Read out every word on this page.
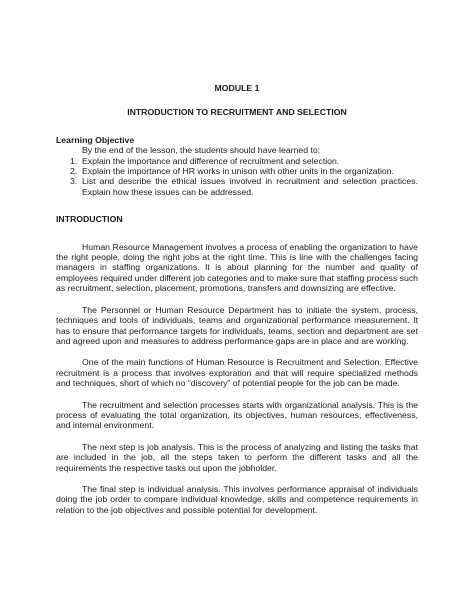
MODULE 1
INTRODUCTION TO RECRUITMENT AND SELECTION
Learning Objective
By the end of the lesson, the students should have learned to:
1. Explain the importance and difference of recruitment and selection.
2. Explain the importance of HR works in unison with other units in the organization.
3. List and describe the ethical issues involved in recruitment and selection practices. Explain how these issues can be addressed.
INTRODUCTION

Human Resource Management involves a process of enabling the organization to have the right people, doing the right jobs at the right time. This is line with the challenges facing managers in staffing organizations. It is about planning for the number and quality of employees required under different job categories and to make sure that staffing process such as recruitment, selection, placement, promotions, transfers and downsizing are effective.

The Personnel or Human Resource Department has to initiate the system, process, techniques and tools of individuals, teams and organizational performance measurement. It has to ensure that performance targets for individuals, teams, section and department are set and agreed upon and measures to address performance gaps are in place and are working.

One of the main functions of Human Resource is Recruitment and Selection. Effective recruitment is a process that involves exploration and that will require specialized methods and techniques, short of which no “discovery” of potential people for the job can be made.

The recruitment and selection processes starts with organizational analysis. This is the process of evaluating the total organization, its objectives, human resources, effectiveness, and internal environment.

The next step is job analysis. This is the process of analyzing and listing the tasks that are included in the job, all the steps taken to perform the different tasks and all the requirements the respective tasks out upon the jobholder.

The final step is individual analysis. This involves performance appraisal of individuals doing the job order to compare individual knowledge, skills and competence requirements in relation to the job objectives and possible potential for development.
